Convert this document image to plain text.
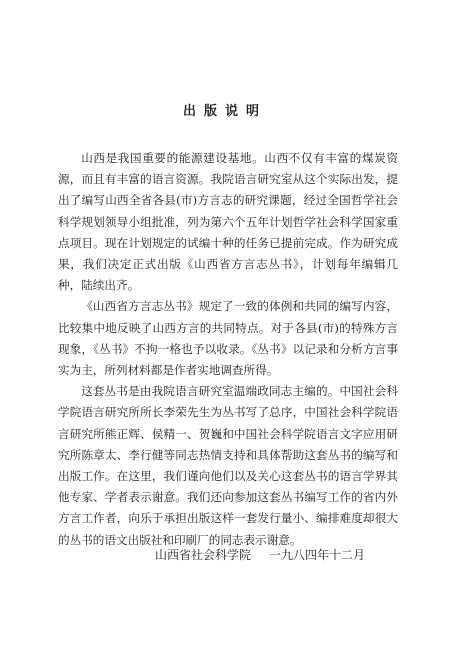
出版说明

山西是我国重要的能源建设基地。山西不仅有丰富的煤炭资源，而且有丰富的语言资源。我院语言研究室从这个实际出发，提出了编写山西全省各县(市)方言志的研究课题，经过全国哲学社会科学规划领导小组批准，列为第六个五年计划哲学社会科学国家重点项目。现在计划规定的试编十种的任务已提前完成。作为研究成果，我们决定正式出版《山西省方言志丛书》，计划每年编辑几种，陆续出齐。

《山西省方言志丛书》规定了一致的体例和共同的编写内容，比较集中地反映了山西方言的共同特点。对于各县(市)的特殊方言现象，《丛书》不拘一格也予以收录。《丛书》以记录和分析方言事实为主，所列材料都是作者实地调查所得。

这套丛书是由我院语言研究室温端政同志主编的。中国社会科学院语言研究所所长李荣先生为丛书写了总序，中国社会科学院语言研究所熊正辉、侯精一、贺巍和中国社会科学院语言文字应用研究所陈章太、李行健等同志热情支持和具体帮助这套丛书的编写和出版工作。在这里，我们谨向他们以及关心这套丛书的语言学界其他专家、学者表示谢意。我们还向参加这套丛书编写工作的省内外方言工作者，向乐于承担出版这样一套发行量小、编排难度却很大的丛书的语文出版社和印刷厂的同志表示谢意。

山西省社会科学院 一九八四年十二月
